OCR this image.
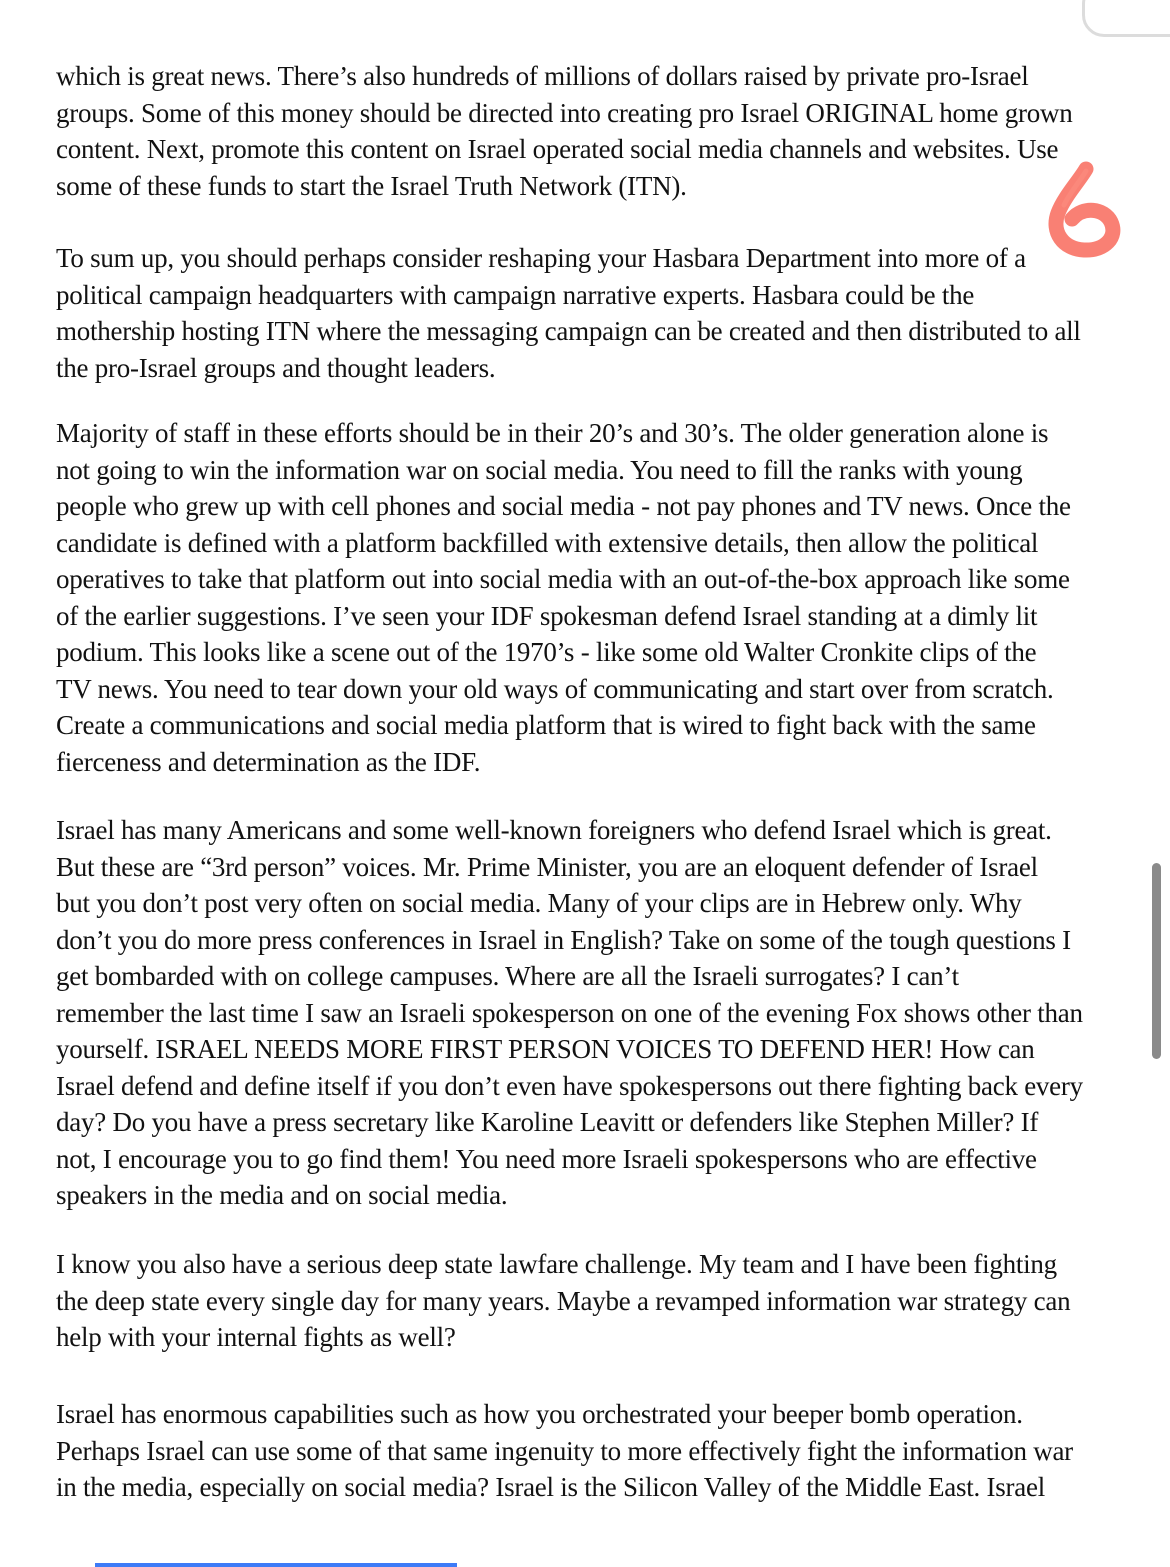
which is great news. There’s also hundreds of millions of dollars raised by private pro-Israel
groups. Some of this money should be directed into creating pro Israel ORIGINAL home grown
content. Next, promote this content on Israel operated social media channels and websites. Use
some of these funds to start the Israel Truth Network (ITN).
To sum up, you should perhaps consider reshaping your Hasbara Department into more of a
political campaign headquarters with campaign narrative experts. Hasbara could be the
mothership hosting ITN where the messaging campaign can be created and then distributed to all
the pro-Israel groups and thought leaders.
Majority of staff in these efforts should be in their 20’s and 30’s. The older generation alone is
not going to win the information war on social media. You need to fill the ranks with young
people who grew up with cell phones and social media - not pay phones and TV news. Once the
candidate is defined with a platform backfilled with extensive details, then allow the political
operatives to take that platform out into social media with an out-of-the-box approach like some
of the earlier suggestions. I’ve seen your IDF spokesman defend Israel standing at a dimly lit
podium. This looks like a scene out of the 1970’s - like some old Walter Cronkite clips of the
TV news. You need to tear down your old ways of communicating and start over from scratch.
Create a communications and social media platform that is wired to fight back with the same
fierceness and determination as the IDF.
Israel has many Americans and some well-known foreigners who defend Israel which is great.
But these are “3rd person” voices. Mr. Prime Minister, you are an eloquent defender of Israel
but you don’t post very often on social media. Many of your clips are in Hebrew only. Why
don’t you do more press conferences in Israel in English? Take on some of the tough questions I
get bombarded with on college campuses. Where are all the Israeli surrogates? I can’t
remember the last time I saw an Israeli spokesperson on one of the evening Fox shows other than
yourself. ISRAEL NEEDS MORE FIRST PERSON VOICES TO DEFEND HER! How can
Israel defend and define itself if you don’t even have spokespersons out there fighting back every
day? Do you have a press secretary like Karoline Leavitt or defenders like Stephen Miller? If
not, I encourage you to go find them! You need more Israeli spokespersons who are effective
speakers in the media and on social media.
I know you also have a serious deep state lawfare challenge. My team and I have been fighting
the deep state every single day for many years. Maybe a revamped information war strategy can
help with your internal fights as well?
Israel has enormous capabilities such as how you orchestrated your beeper bomb operation.
Perhaps Israel can use some of that same ingenuity to more effectively fight the information war
in the media, especially on social media? Israel is the Silicon Valley of the Middle East. Israel
